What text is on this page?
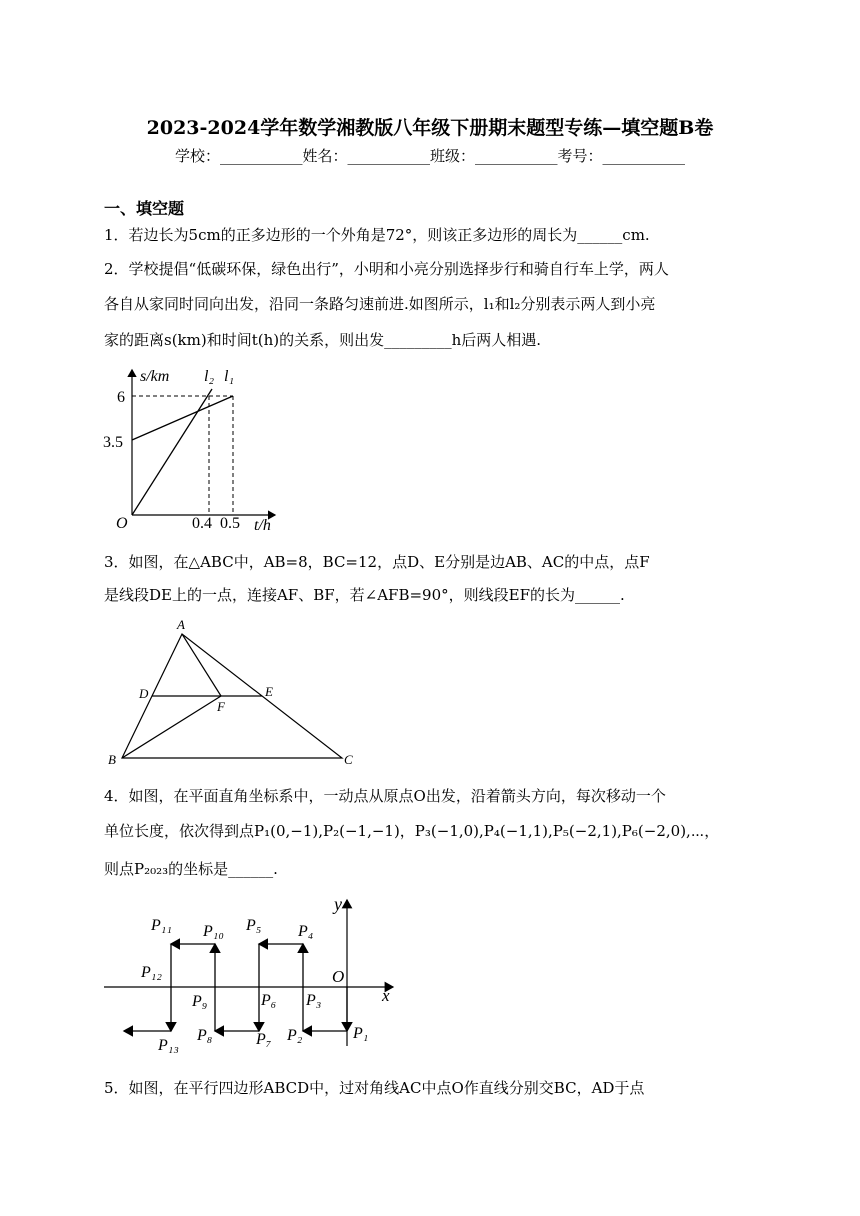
2023-2024学年数学湘教版八年级下册期末题型专练—填空题B卷
学校：___________姓名：___________班级：___________考号：___________
一、填空题
1．若边长为5cm的正多边形的一个外角是72°，则该正多边形的周长为______cm.
2．学校提倡“低碳环保，绿色出行”，小明和小亮分别选择步行和骑自行车上学，两人
各自从家同时同向出发，沿同一条路匀速前进.如图所示，l₁和l₂分别表示两人到小亮
家的距离s(km)和时间t(h)的关系，则出发_________h后两人相遇.
s/km l₂ l₁
6
3.5
O	0.4 0.5 t/h
3．如图，在△ABC中，AB=8，BC=12，点D、E分别是边AB、AC的中点，点F
是线段DE上的一点，连接AF、BF，若∠AFB=90°，则线段EF的长为______.
A
D	E
F
B	C
4．如图，在平面直角坐标系中，一动点从原点O出发，沿着箭头方向，每次移动一个
单位长度，依次得到点P₁(0,−1),P₂(−1,−1)，P₃(−1,0),P₄(−1,1),P₅(−2,1),P₆(−2,0),⋯，
则点P₂₀₂₃的坐标是______.
y
O
x
P₁₁ P₁₀ P₅ P₄
P₁₂
P₉	P₆ P₃
P₈	P₂	P₁
P₁₃	P₇
5．如图，在平行四边形ABCD中，过对角线AC中点O作直线分别交BC，AD于点
